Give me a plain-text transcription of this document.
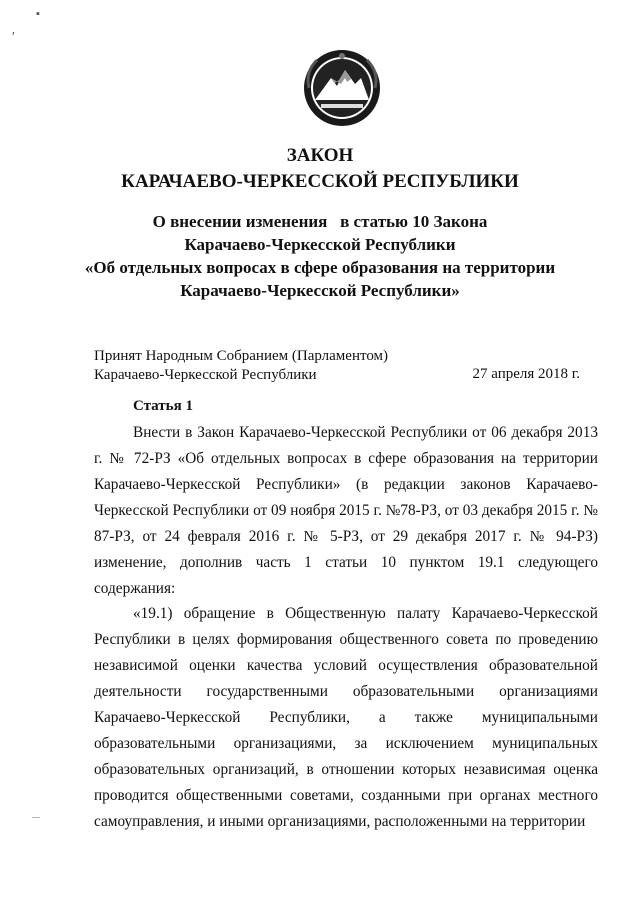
▪
′
ЗАКОН
КАРАЧАЕВО-ЧЕРКЕССКОЙ РЕСПУБЛИКИ
О внесении изменения   в статью 10 Закона
Карачаево-Черкесской Республики
«Об отдельных вопросах в сфере образования на территории
Карачаево-Черкесской Республики»
Принят Народным Собранием (Парламентом)
Карачаево-Черкесской Республики	27 апреля 2018 г.
Статья 1
Внести в Закон Карачаево-Черкесской Республики от 06 декабря 2013 г. № 72-РЗ «Об отдельных вопросах в сфере образования на территории Карачаево-Черкесской Республики» (в редакции законов Карачаево-Черкесской Республики от 09 ноября 2015 г. №78-РЗ, от 03 декабря 2015 г. № 87-РЗ, от 24 февраля 2016 г. № 5-РЗ, от 29 декабря 2017 г. № 94-РЗ) изменение, дополнив часть 1 статьи 10 пунктом 19.1 следующего содержания:
«19.1) обращение в Общественную палату Карачаево-Черкесской Республики в целях формирования общественного совета по проведению независимой оценки качества условий осуществления образовательной деятельности государственными образовательными организациями Карачаево-Черкесской Республики, а также муниципальными образовательными организациями, за исключением муниципальных образовательных организаций, в отношении которых независимая оценка проводится общественными советами, созданными при органах местного самоуправления, и иными организациями, расположенными на территории
—
